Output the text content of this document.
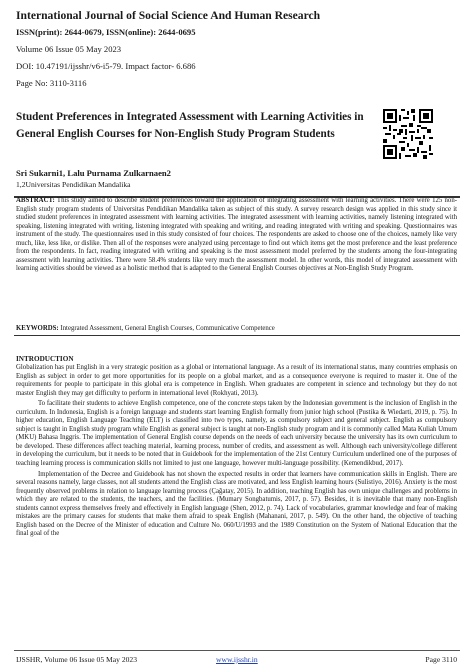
International Journal of Social Science And Human Research
ISSN(print): 2644-0679, ISSN(online): 2644-0695
Volume 06 Issue 05 May 2023
DOI: 10.47191/ijsshr/v6-i5-79. Impact factor- 6.686
Page No: 3110-3116
Student Preferences in Integrated Assessment with Learning Activities in General English Courses for Non-English Study Program Students
Sri Sukarni1, Lalu Purnama Zulkarnaen2
1,2Universitas Pendidikan Mandalika
ABSTRACT: This study aimed to describe student preferences toward the application of integrating assessment with learning activities. There were 125 non-English study program students of Universitas Pendidikan Mandalika taken as subject of this study. A survey research design was applied in this study since it studied student preferences in integrated assessment with learning activities. The integrated assessment with learning activities, namely listening integrated with speaking, listening integrated with writing, listening integrated with speaking and writing, and reading integrated with writing and speaking. Questionnaires was instrument of the study. The questionnaires used in this study consisted of four choices. The respondents are asked to choose one of the choices, namely like very much, like, less like, or dislike. Then all of the responses were analyzed using percentage to find out which items get the most preference and the least preference from the respondents. In fact, reading integrated with writing and speaking is the most assessment model preferred by the students among the four-integrating assessment with learning activities. There were 58.4% students like very much the assessment model. In other words, this model of integrated assessment with learning activities should be viewed as a holistic method that is adapted to the General English Courses objectives at Non-English Study Program.
KEYWORDS: Integrated Assessment, General English Courses, Communicative Competence
INTRODUCTION

Globalization has put English in a very strategic position as a global or international language. As a result of its international status, many countries emphasis on English as subject in order to get more opportunities for its people on a global market, and as a consequence everyone is required to master it. One of the requirements for people to participate in this global era is competence in English. When graduates are competent in science and technology but they do not master English they may get difficulty to perform in international level (Rokhyati, 2013).

To facilitate their students to achieve English competence, one of the concrete steps taken by the Indonesian government is the inclusion of English in the curriculum. In Indonesia, English is a foreign language and students start learning English formally from junior high school (Pustika & Wiedarti, 2019, p. 75). In higher education, English Language Teaching (ELT) is classified into two types, namely, as compulsory subject and general subject. English as compulsory subject is taught in English study program while English as general subject is taught at non-English study program and it is commonly called Mata Kuliah Umum (MKU) Bahasa Inggris. The implementation of General English course depends on the needs of each university because the university has its own curriculum to be developed. These differences affect teaching material, learning process, number of credits, and assessment as well. Although each university/college different in developing the curriculum, but it needs to be noted that in Guidebook for the implementation of the 21st Century Curriculum underlined one of the purposes of teaching learning process is communication skills not limited to just one language, however multi-language possibility. (Kemendikbud, 2017).

Implementation of the Decree and Guidebook has not shown the expected results in order that learners have communication skills in English. There are several reasons namely, large classes, not all students attend the English class are motivated, and less English learning hours (Sulistiyo, 2016). Anxiety is the most frequently observed problems in relation to language learning process (Çağatay, 2015). In addition, teaching English has own unique challenges and problems in which they are related to the students, the teachers, and the facilities. (Mumary Songbatumis, 2017, p. 57). Besides, it is inevitable that many non-English students cannot express themselves freely and effectively in English language (Shen, 2012, p. 74). Lack of vocabularies, grammar knowledge and fear of making mistakes are the primary causes for students that make them afraid to speak English (Mahanani, 2017, p. 549). On the other hand, the objective of teaching English based on the Decree of the Minister of education and Culture No. 060/U/1993 and the 1989 Constitution on the System of National Education that the final goal of the

IJSSHR, Volume 06 Issue 05 May 2023	www.ijsshr.in	Page 3110
